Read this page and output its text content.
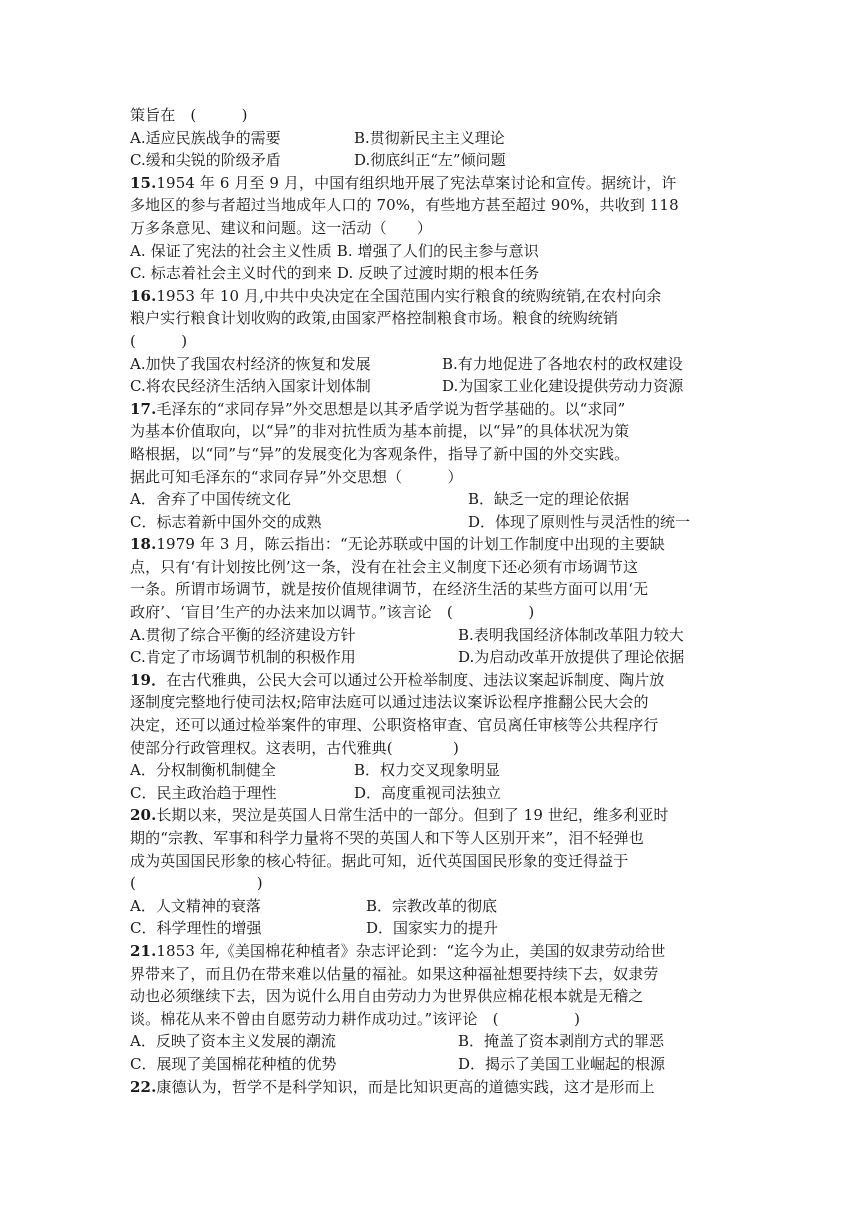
策旨在　(　　　)
A.适应民族战争的需要	B.贯彻新民主主义理论
C.缓和尖锐的阶级矛盾	D.彻底纠正“左”倾问题
15.1954 年 6 月至 9 月，中国有组织地开展了宪法草案讨论和宣传。据统计，许
多地区的参与者超过当地成年人口的 70%，有些地方甚至超过 90%，共收到 118
万多条意见、建议和问题。这一活动（　　）
A. 保证了宪法的社会主义性质 B. 增强了人们的民主参与意识
C. 标志着社会主义时代的到来 D. 反映了过渡时期的根本任务
16.1953 年 10 月,中共中央决定在全国范围内实行粮食的统购统销,在农村向余
粮户实行粮食计划收购的政策,由国家严格控制粮食市场。粮食的统购统销
(　　　)
A.加快了我国农村经济的恢复和发展	B.有力地促进了各地农村的政权建设
C.将农民经济生活纳入国家计划体制	D.为国家工业化建设提供劳动力资源
17.毛泽东的“求同存异”外交思想是以其矛盾学说为哲学基础的。以“求同”
为基本价值取向，以“异”的非对抗性质为基本前提，以“异”的具体状况为策
略根据，以“同”与“异”的发展变化为客观条件，指导了新中国的外交实践。
据此可知毛泽东的“求同存异”外交思想（　　　）
A．舍弃了中国传统文化	B．缺乏一定的理论依据
C．标志着新中国外交的成熟	D．体现了原则性与灵活性的统一
18.1979 年 3 月，陈云指出：“无论苏联或中国的计划工作制度中出现的主要缺
点，只有‘有计划按比例’这一条，没有在社会主义制度下还必须有市场调节这
一条。所谓市场调节，就是按价值规律调节，在经济生活的某些方面可以用‘无
政府’、‘盲目’生产的办法来加以调节。”该言论　(　　　　　)
A.贯彻了综合平衡的经济建设方针	B.表明我国经济体制改革阻力较大
C.肯定了市场调节机制的积极作用	D.为启动改革开放提供了理论依据
19．在古代雅典，公民大会可以通过公开检举制度、违法议案起诉制度、陶片放
逐制度完整地行使司法权;陪审法庭可以通过违法议案诉讼程序推翻公民大会的
决定，还可以通过检举案件的审理、公职资格审查、官员离任审核等公共程序行
使部分行政管理权。这表明，古代雅典(　　　　)
A．分权制衡机制健全	B．权力交叉现象明显
C．民主政治趋于理性	D．高度重视司法独立
20.长期以来，哭泣是英国人日常生活中的一部分。但到了 19 世纪，维多利亚时
期的“宗教、军事和科学力量将不哭的英国人和下等人区别开来”，泪不轻弹也
成为英国国民形象的核心特征。据此可知，近代英国国民形象的变迁得益于
(　　　　　　　　)
A．人文精神的衰落	B．宗教改革的彻底
C．科学理性的增强	D．国家实力的提升
21.1853 年,《美国棉花种植者》杂志评论到：“迄今为止，美国的奴隶劳动给世
界带来了，而且仍在带来难以估量的福祉。如果这种福祉想要持续下去，奴隶劳
动也必须继续下去，因为说什么用自由劳动力为世界供应棉花根本就是无稽之
谈。棉花从来不曾由自愿劳动力耕作成功过。”该评论　(　　　　　)
A．反映了资本主义发展的潮流	B．掩盖了资本剥削方式的罪恶
C．展现了美国棉花种植的优势	D．揭示了美国工业崛起的根源
22.康德认为，哲学不是科学知识，而是比知识更高的道德实践，这才是形而上
